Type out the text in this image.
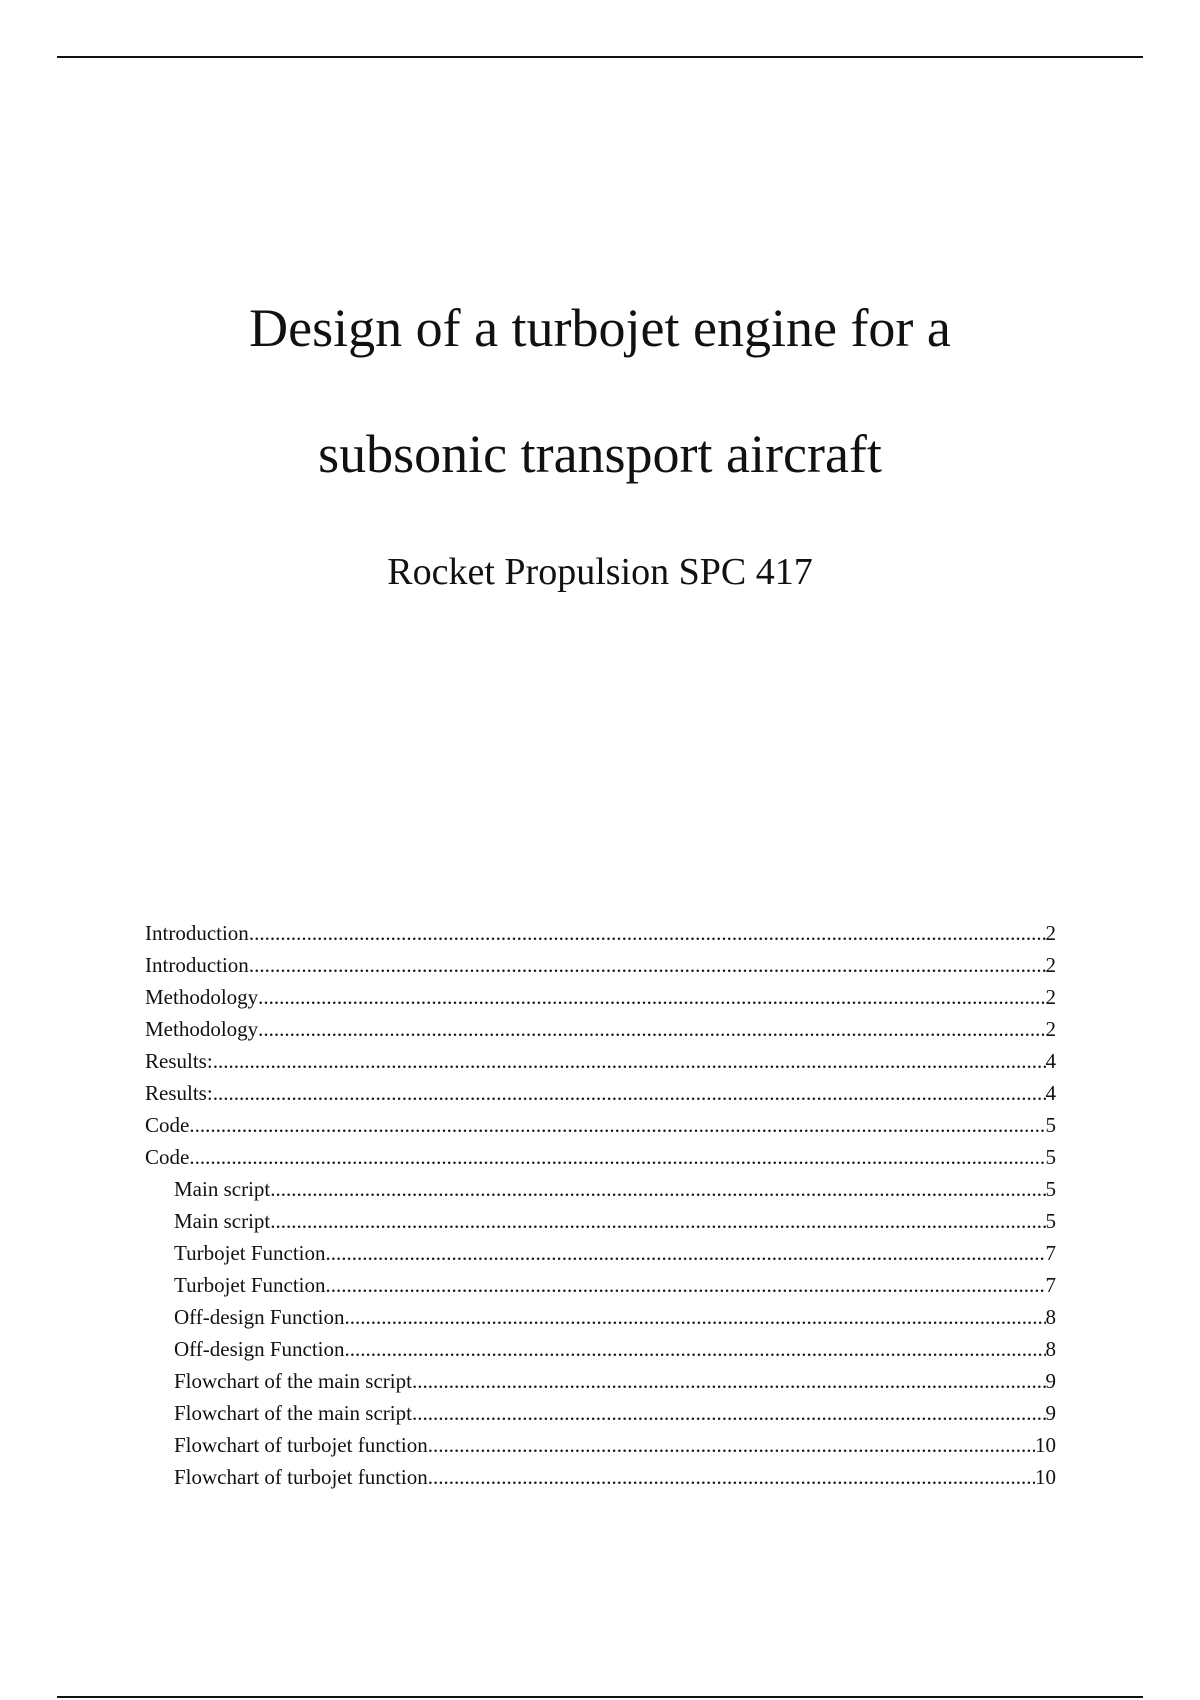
Design of a turbojet engine for a
subsonic transport aircraft
Rocket Propulsion SPC 417
Introduction .....	2
Introduction .....	2
Methodology .....	2
Methodology .....	2
Results: .....	4
Results: .....	4
Code .....	5
Code .....	5
Main script .....	5
Main script .....	5
Turbojet Function .....	7
Turbojet Function .....	7
Off-design Function .....	8
Off-design Function .....	8
Flowchart of the main script .....	9
Flowchart of the main script .....	9
Flowchart of turbojet function .....	10
Flowchart of turbojet function .....	10
